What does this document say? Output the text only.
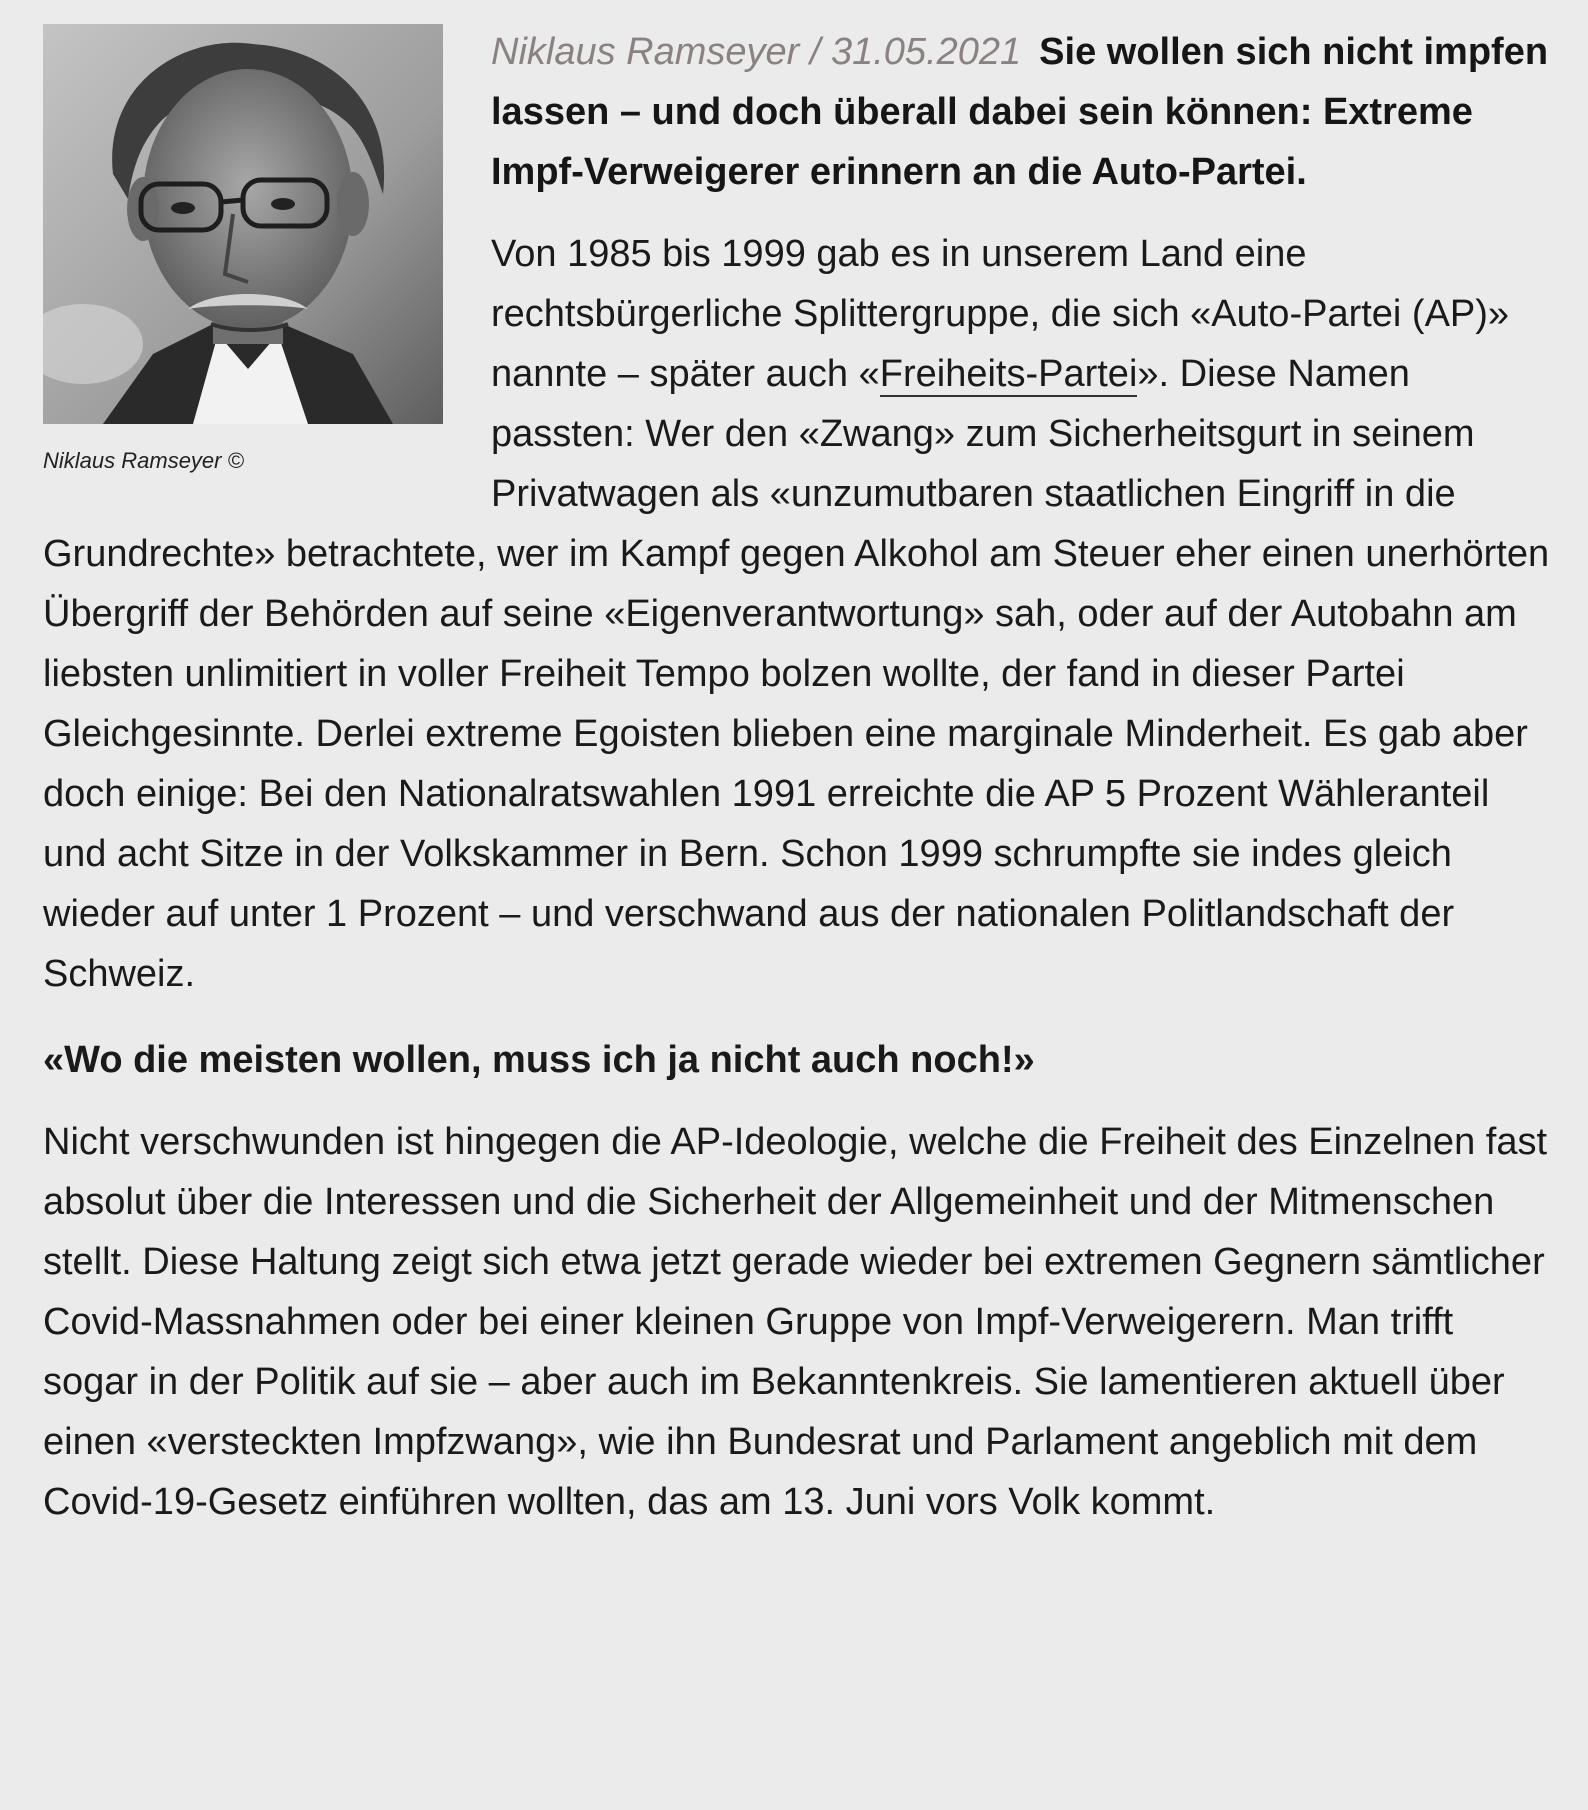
Niklaus Ramseyer ©

Niklaus Ramseyer / 31.05.2021 Sie wollen sich nicht impfen lassen – und doch überall dabei sein können: Extreme Impf-Verweigerer erinnern an die Auto-Partei.

Von 1985 bis 1999 gab es in unserem Land eine rechtsbürgerliche Splittergruppe, die sich «Auto-Partei (AP)» nannte – später auch «Freiheits-Partei». Diese Namen passten: Wer den «Zwang» zum Sicherheitsgurt in seinem Privatwagen als «unzumutbaren staatlichen Eingriff in die Grundrechte» betrachtete, wer im Kampf gegen Alkohol am Steuer eher einen unerhörten Übergriff der Behörden auf seine «Eigenverantwortung» sah, oder auf der Autobahn am liebsten unlimitiert in voller Freiheit Tempo bolzen wollte, der fand in dieser Partei Gleichgesinnte. Derlei extreme Egoisten blieben eine marginale Minderheit. Es gab aber doch einige: Bei den Nationalratswahlen 1991 erreichte die AP 5 Prozent Wähleranteil und acht Sitze in der Volkskammer in Bern. Schon 1999 schrumpfte sie indes gleich wieder auf unter 1 Prozent – und verschwand aus der nationalen Politlandschaft der Schweiz.

«Wo die meisten wollen, muss ich ja nicht auch noch!»

Nicht verschwunden ist hingegen die AP-Ideologie, welche die Freiheit des Einzelnen fast absolut über die Interessen und die Sicherheit der Allgemeinheit und der Mitmenschen stellt. Diese Haltung zeigt sich etwa jetzt gerade wieder bei extremen Gegnern sämtlicher Covid-Massnahmen oder bei einer kleinen Gruppe von Impf-Verweigerern. Man trifft sogar in der Politik auf sie – aber auch im Bekanntenkreis. Sie lamentieren aktuell über einen «versteckten Impfzwang», wie ihn Bundesrat und Parlament angeblich mit dem Covid-19-Gesetz einführen wollten, das am 13. Juni vors Volk kommt.
